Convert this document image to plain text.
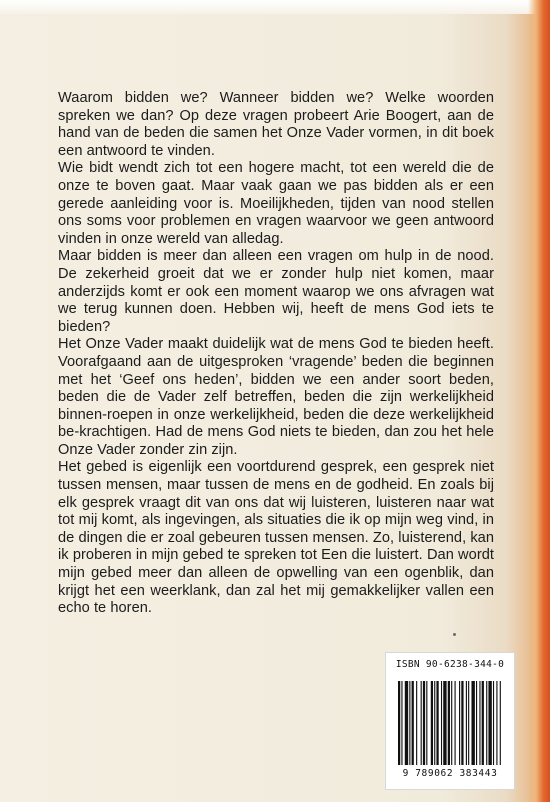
Waarom bidden we? Wanneer bidden we? Welke woorden spreken we dan? Op deze vragen probeert Arie Boogert, aan de hand van de beden die samen het Onze Vader vormen, in dit boek een antwoord te vinden.

Wie bidt wendt zich tot een hogere macht, tot een wereld die de onze te boven gaat. Maar vaak gaan we pas bidden als er een gerede aanleiding voor is. Moeilijkheden, tijden van nood stellen ons soms voor problemen en vragen waarvoor we geen antwoord vinden in onze wereld van alledag.

Maar bidden is meer dan alleen een vragen om hulp in de nood. De zekerheid groeit dat we er zonder hulp niet komen, maar anderzijds komt er ook een moment waarop we ons afvragen wat we terug kunnen doen. Hebben wij, heeft de mens God iets te bieden?

Het Onze Vader maakt duidelijk wat de mens God te bieden heeft. Voorafgaand aan de uitgesproken ‘vragende’ beden die beginnen met het ‘Geef ons heden’, bidden we een ander soort beden, beden die de Vader zelf betreffen, beden die zijn werkelijkheid binnen-roepen in onze werkelijkheid, beden die deze werkelijkheid be-krachtigen. Had de mens God niets te bieden, dan zou het hele Onze Vader zonder zin zijn.

Het gebed is eigenlijk een voortdurend gesprek, een gesprek niet tussen mensen, maar tussen de mens en de godheid. En zoals bij elk gesprek vraagt dit van ons dat wij luisteren, luisteren naar wat tot mij komt, als ingevingen, als situaties die ik op mijn weg vind, in de dingen die er zoal gebeuren tussen mensen. Zo, luisterend, kan ik proberen in mijn gebed te spreken tot Een die luistert. Dan wordt mijn gebed meer dan alleen de opwelling van een ogenblik, dan krijgt het een weerklank, dan zal het mij gemakkelijker vallen een echo te horen.

ISBN 90-6238-344-0
9 789062 383443
